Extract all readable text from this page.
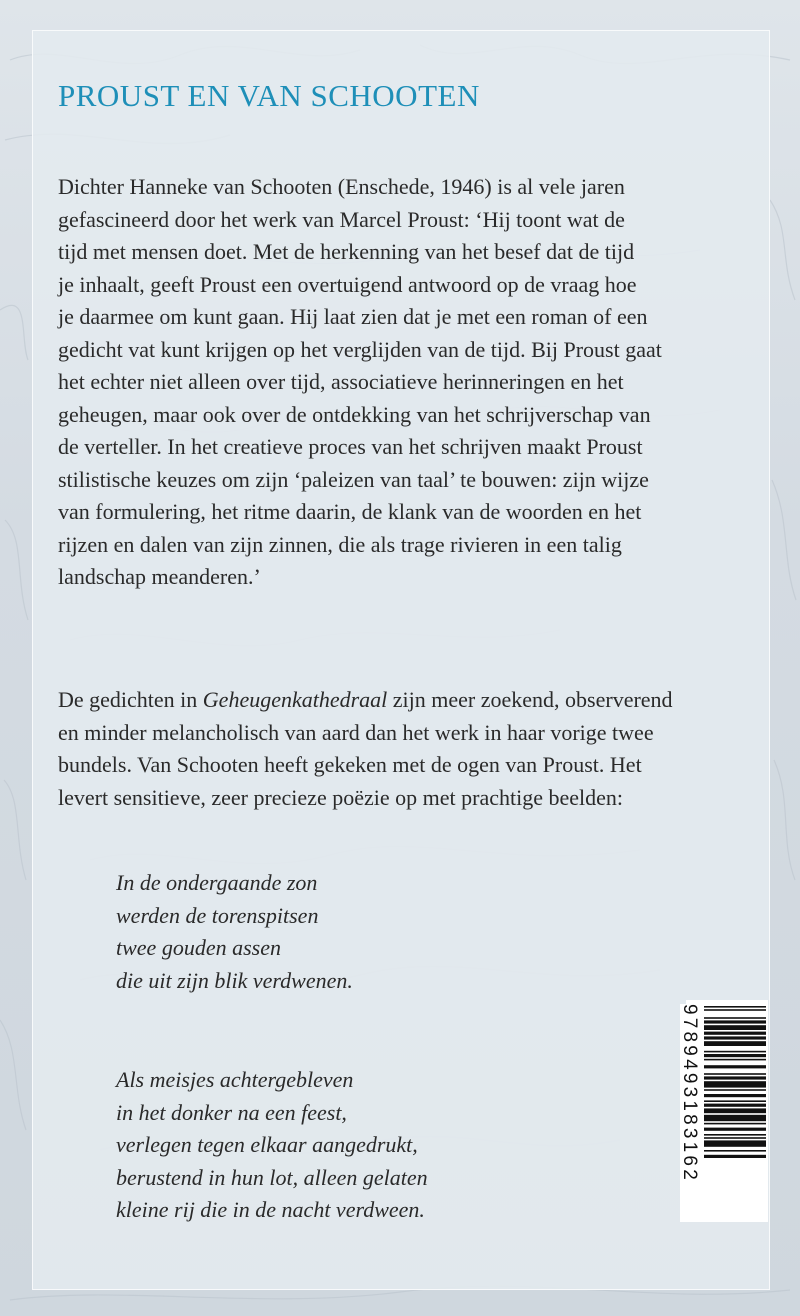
PROUST EN VAN SCHOOTEN
Dichter Hanneke van Schooten (Enschede, 1946) is al vele jaren
gefascineerd door het werk van Marcel Proust: ‘Hij toont wat de
tijd met mensen doet. Met de herkenning van het besef dat de tijd
je inhaalt, geeft Proust een overtuigend antwoord op de vraag hoe
je daarmee om kunt gaan. Hij laat zien dat je met een roman of een
gedicht vat kunt krijgen op het verglijden van de tijd. Bij Proust gaat
het echter niet alleen over tijd, associatieve herinneringen en het
geheugen, maar ook over de ontdekking van het schrijverschap van
de verteller. In het creatieve proces van het schrijven maakt Proust
stilistische keuzes om zijn ‘paleizen van taal’ te bouwen: zijn wijze
van formulering, het ritme daarin, de klank van de woorden en het
rijzen en dalen van zijn zinnen, die als trage rivieren in een talig
landschap meanderen.’
De gedichten in Geheugenkathedraal zijn meer zoekend, observerend
en minder melancholisch van aard dan het werk in haar vorige twee
bundels. Van Schooten heeft gekeken met de ogen van Proust. Het
levert sensitieve, zeer precieze poëzie op met prachtige beelden:
In de ondergaande zon
werden de torenspitsen
twee gouden assen
die uit zijn blik verdwenen.
Als meisjes achtergebleven
in het donker na een feest,
verlegen tegen elkaar aangedrukt,
berustend in hun lot, alleen gelaten
kleine rij die in de nacht verdween.
9789493183162
